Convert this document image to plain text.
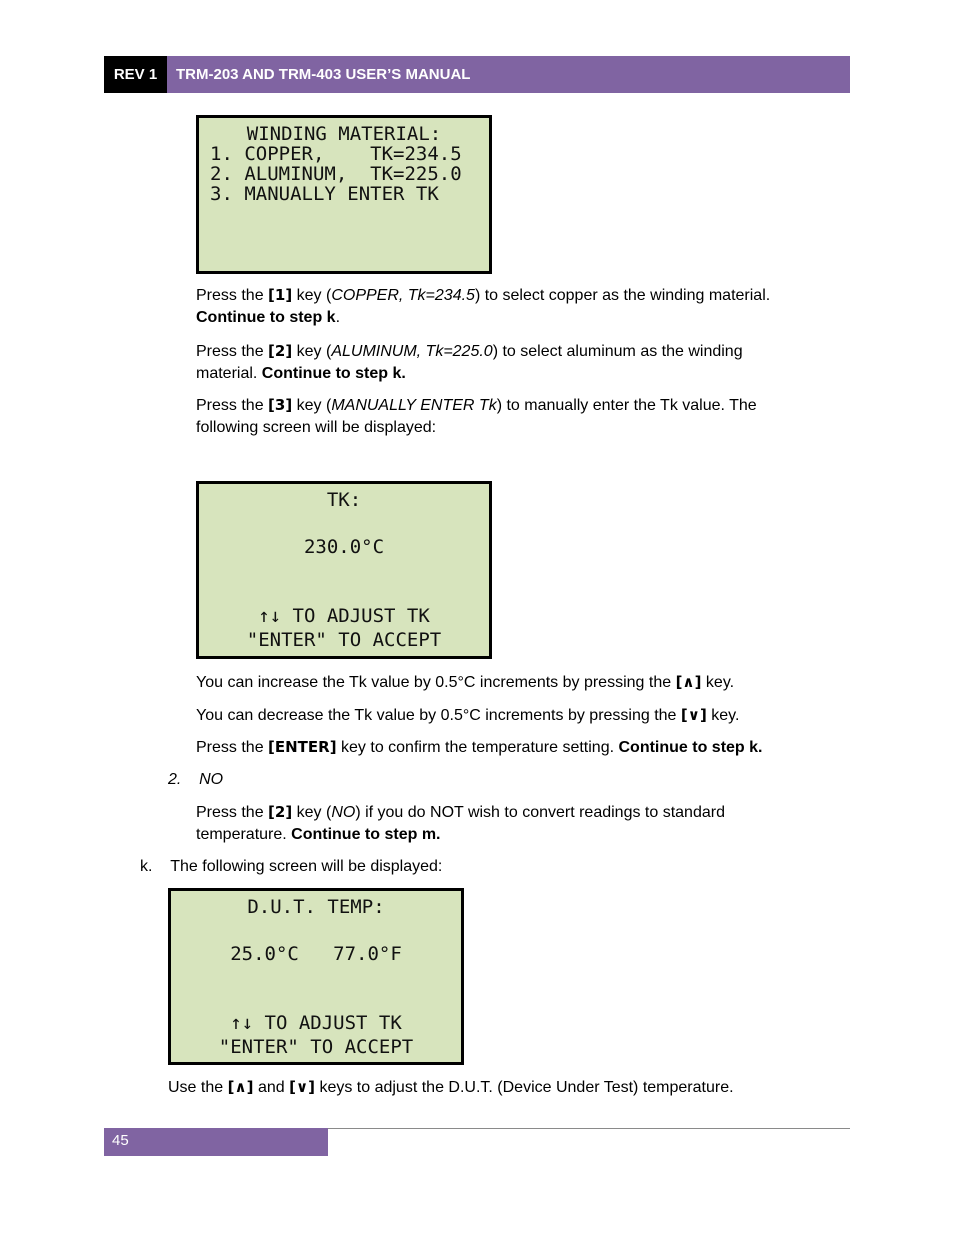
REV 1	TRM-203 AND TRM-403 USER’S MANUAL
WINDING MATERIAL:
1. COPPER,    TK=234.5
2. ALUMINUM,  TK=225.0
3. MANUALLY ENTER TK
Press the [1] key (COPPER, Tk=234.5) to select copper as the winding material.
Continue to step k.
Press the [2] key (ALUMINUM, Tk=225.0) to select aluminum as the winding
material. Continue to step k.
Press the [3] key (MANUALLY ENTER Tk) to manually enter the Tk value. The
following screen will be displayed:
TK:
230.0°C
↑↓ TO ADJUST TK
"ENTER" TO ACCEPT
You can increase the Tk value by 0.5°C increments by pressing the [∧] key.
You can decrease the Tk value by 0.5°C increments by pressing the [∨] key.
Press the [ENTER] key to confirm the temperature setting. Continue to step k.
2. NO
Press the [2] key (NO) if you do NOT wish to convert readings to standard
temperature. Continue to step m.
k. The following screen will be displayed:
D.U.T. TEMP:
25.0°C   77.0°F
↑↓ TO ADJUST TK
"ENTER" TO ACCEPT
Use the [∧] and [∨] keys to adjust the D.U.T. (Device Under Test) temperature.
45
